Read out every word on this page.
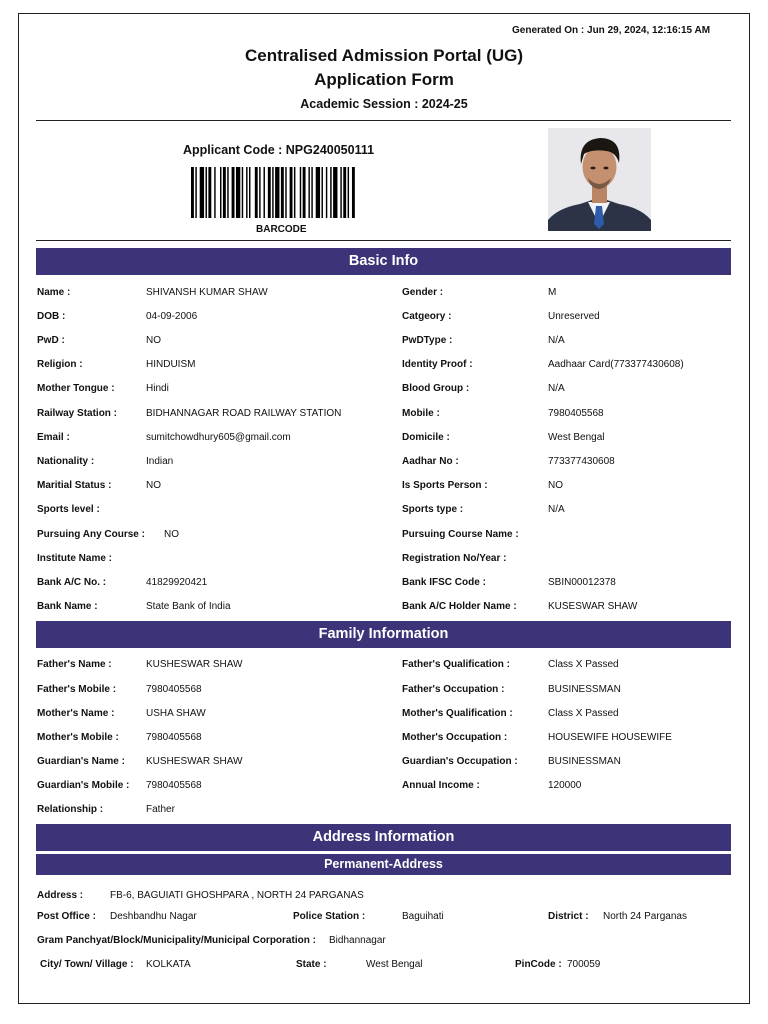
Generated On : Jun 29, 2024, 12:16:15 AM
Centralised Admission Portal (UG)
Application Form
Academic Session : 2024-25
Applicant Code : NPG240050111
BARCODE
Basic Info
Name :	SHIVANSH KUMAR SHAW	Gender :	M
DOB :	04-09-2006	Catgeory :	Unreserved
PwD :	NO	PwDType :	N/A
Religion :	HINDUISM	Identity Proof :	Aadhaar Card(773377430608)
Mother Tongue :	Hindi	Blood Group :	N/A
Railway Station :	BIDHANNAGAR ROAD RAILWAY STATION	Mobile :	7980405568
Email :	sumitchowdhury605@gmail.com	Domicile :	West Bengal
Nationality :	Indian	Aadhar No :	773377430608
Maritial Status :	NO	Is Sports Person :	NO
Sports level :	Sports type :	N/A
Pursuing Any Course : NO	Pursuing Course Name :
Institute Name :	Registration No/Year :
Bank A/C No. :	41829920421	Bank IFSC Code :	SBIN00012378
Bank Name :	State Bank of India	Bank A/C Holder Name :	KUSESWAR SHAW
Family Information
Father's Name :	KUSHESWAR SHAW	Father's Qualification :	Class X Passed
Father's Mobile :	7980405568	Father's Occupation :	BUSINESSMAN
Mother's Name :	USHA SHAW	Mother's Qualification :	Class X Passed
Mother's Mobile :	7980405568	Mother's Occupation :	HOUSEWIFE HOUSEWIFE
Guardian's Name : KUSHESWAR SHAW	Guardian's Occupation :	BUSINESSMAN
Guardian's Mobile : 7980405568	Annual Income :	120000
Relationship :	Father
Address Information
Permanent-Address
Address :	FB-6, BAGUIATI GHOSHPARA , NORTH 24 PARGANAS
Post Office : Deshbandhu Nagar	Police Station :	Baguihati	District : North 24 Parganas
Gram Panchyat/Block/Municipality/Municipal Corporation : Bidhannagar
City/ Town/ Village : KOLKATA	State :	West Bengal	PinCode : 700059
